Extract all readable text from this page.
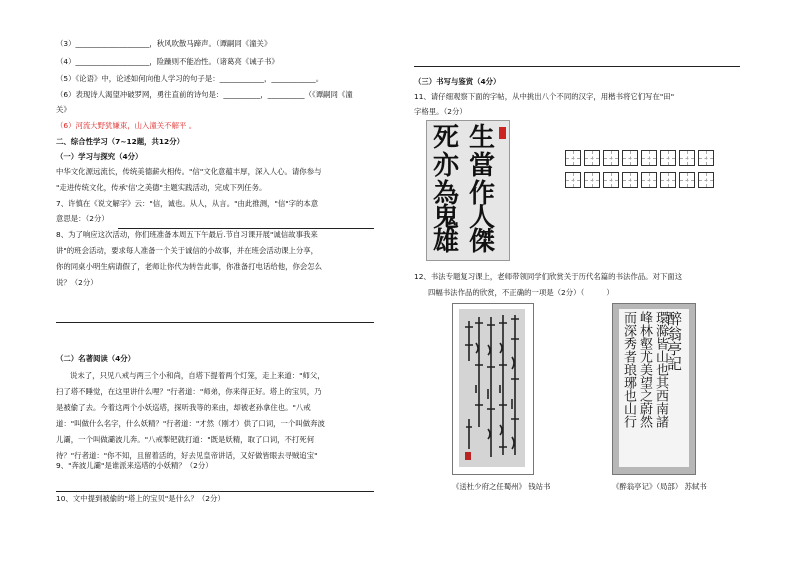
（3）____________________，秋风吹散马蹄声。（谭嗣同《潼关》
（4）____________________，险躁则不能冶性。（诸葛亮《诫子书》
（5）《论语》中，论述如何向他人学习的句子是：____________，____________。
（6）表现诗人渴望冲破罗网，勇往直前的诗句是：__________，__________（《谭嗣同《潼
关》
（6）河流大野犹嫌束，山入潼关不解平 。
二、综合性学习（7~12题，共12分）
（一）学习与探究（4分）
中华文化源远流长，传统美德薪火相传。"信"文化意蕴丰厚，深入人心。请你参与
"走进传统文化，传承'信'之美德"主题实践活动，完成下列任务。
7、许慎在《说文解字》云："信，诚也。从人，从言。"由此推测，"信"字的本意
意思是：（2分）
8、为了响应这次活动，你们班准备本周五下午最后.节自习课开展"诚信故事我来
讲"的班会活动，要求每人准备一个关于诚信的小故事，并在班会活动课上分享，
你的同桌小明生病请假了，老师让你代为转告此事，你准备打电话给他，你会怎么
说？（2分）
（二）名著阅读（4分）
说未了，只见八戒与两三个小和尚，自塔下提着两个灯笼，走上来道："师父，
扫了塔不睡觉，在这里讲什么哩？"行者道："师弟，你来得正好。塔上的宝贝，乃
是被偷了去。今着这两个小妖巡塔，探听我等的来由，却被老孙拿住也。"八戒
道："叫做什么名字，什么妖精？"行者道："才然（刚才）供了口词，一个叫做奔波
儿灞，一个叫做灞波儿奔。"八戒掣钯就打道："既是妖精，取了口词，不打死何
待？"行者道："你不知，且留着活的，好去见皇帝讲话，又好做皆眼去寻贼追宝"
9、"奔波儿灞"是谁派来巡塔的小妖精？（2分）
10、文中提到被偷的"塔上的宝贝"是什么？（2分）
（三）书写与鉴赏（4分）
11、请仔细观察下面的字帖，从中挑出八个不同的汉字，用楷书将它们写在"田"
字格里。（2分）
生
當
作
人
傑
死
亦
為
鬼
雄
12、书法专题复习课上，老师带领同学们欣赏关于历代名篇的书法作品。对下面这
四幅书法作品的欣赏，不正确的一项是（2分）（　　　）
醉翁亭記
環滁皆山也其西南諸
峰林壑尤美望之蔚然
而深秀者琅琊也山行
《送杜少府之任蜀州》 钱站书	《醉翁亭记》（局部） 苏轼书
